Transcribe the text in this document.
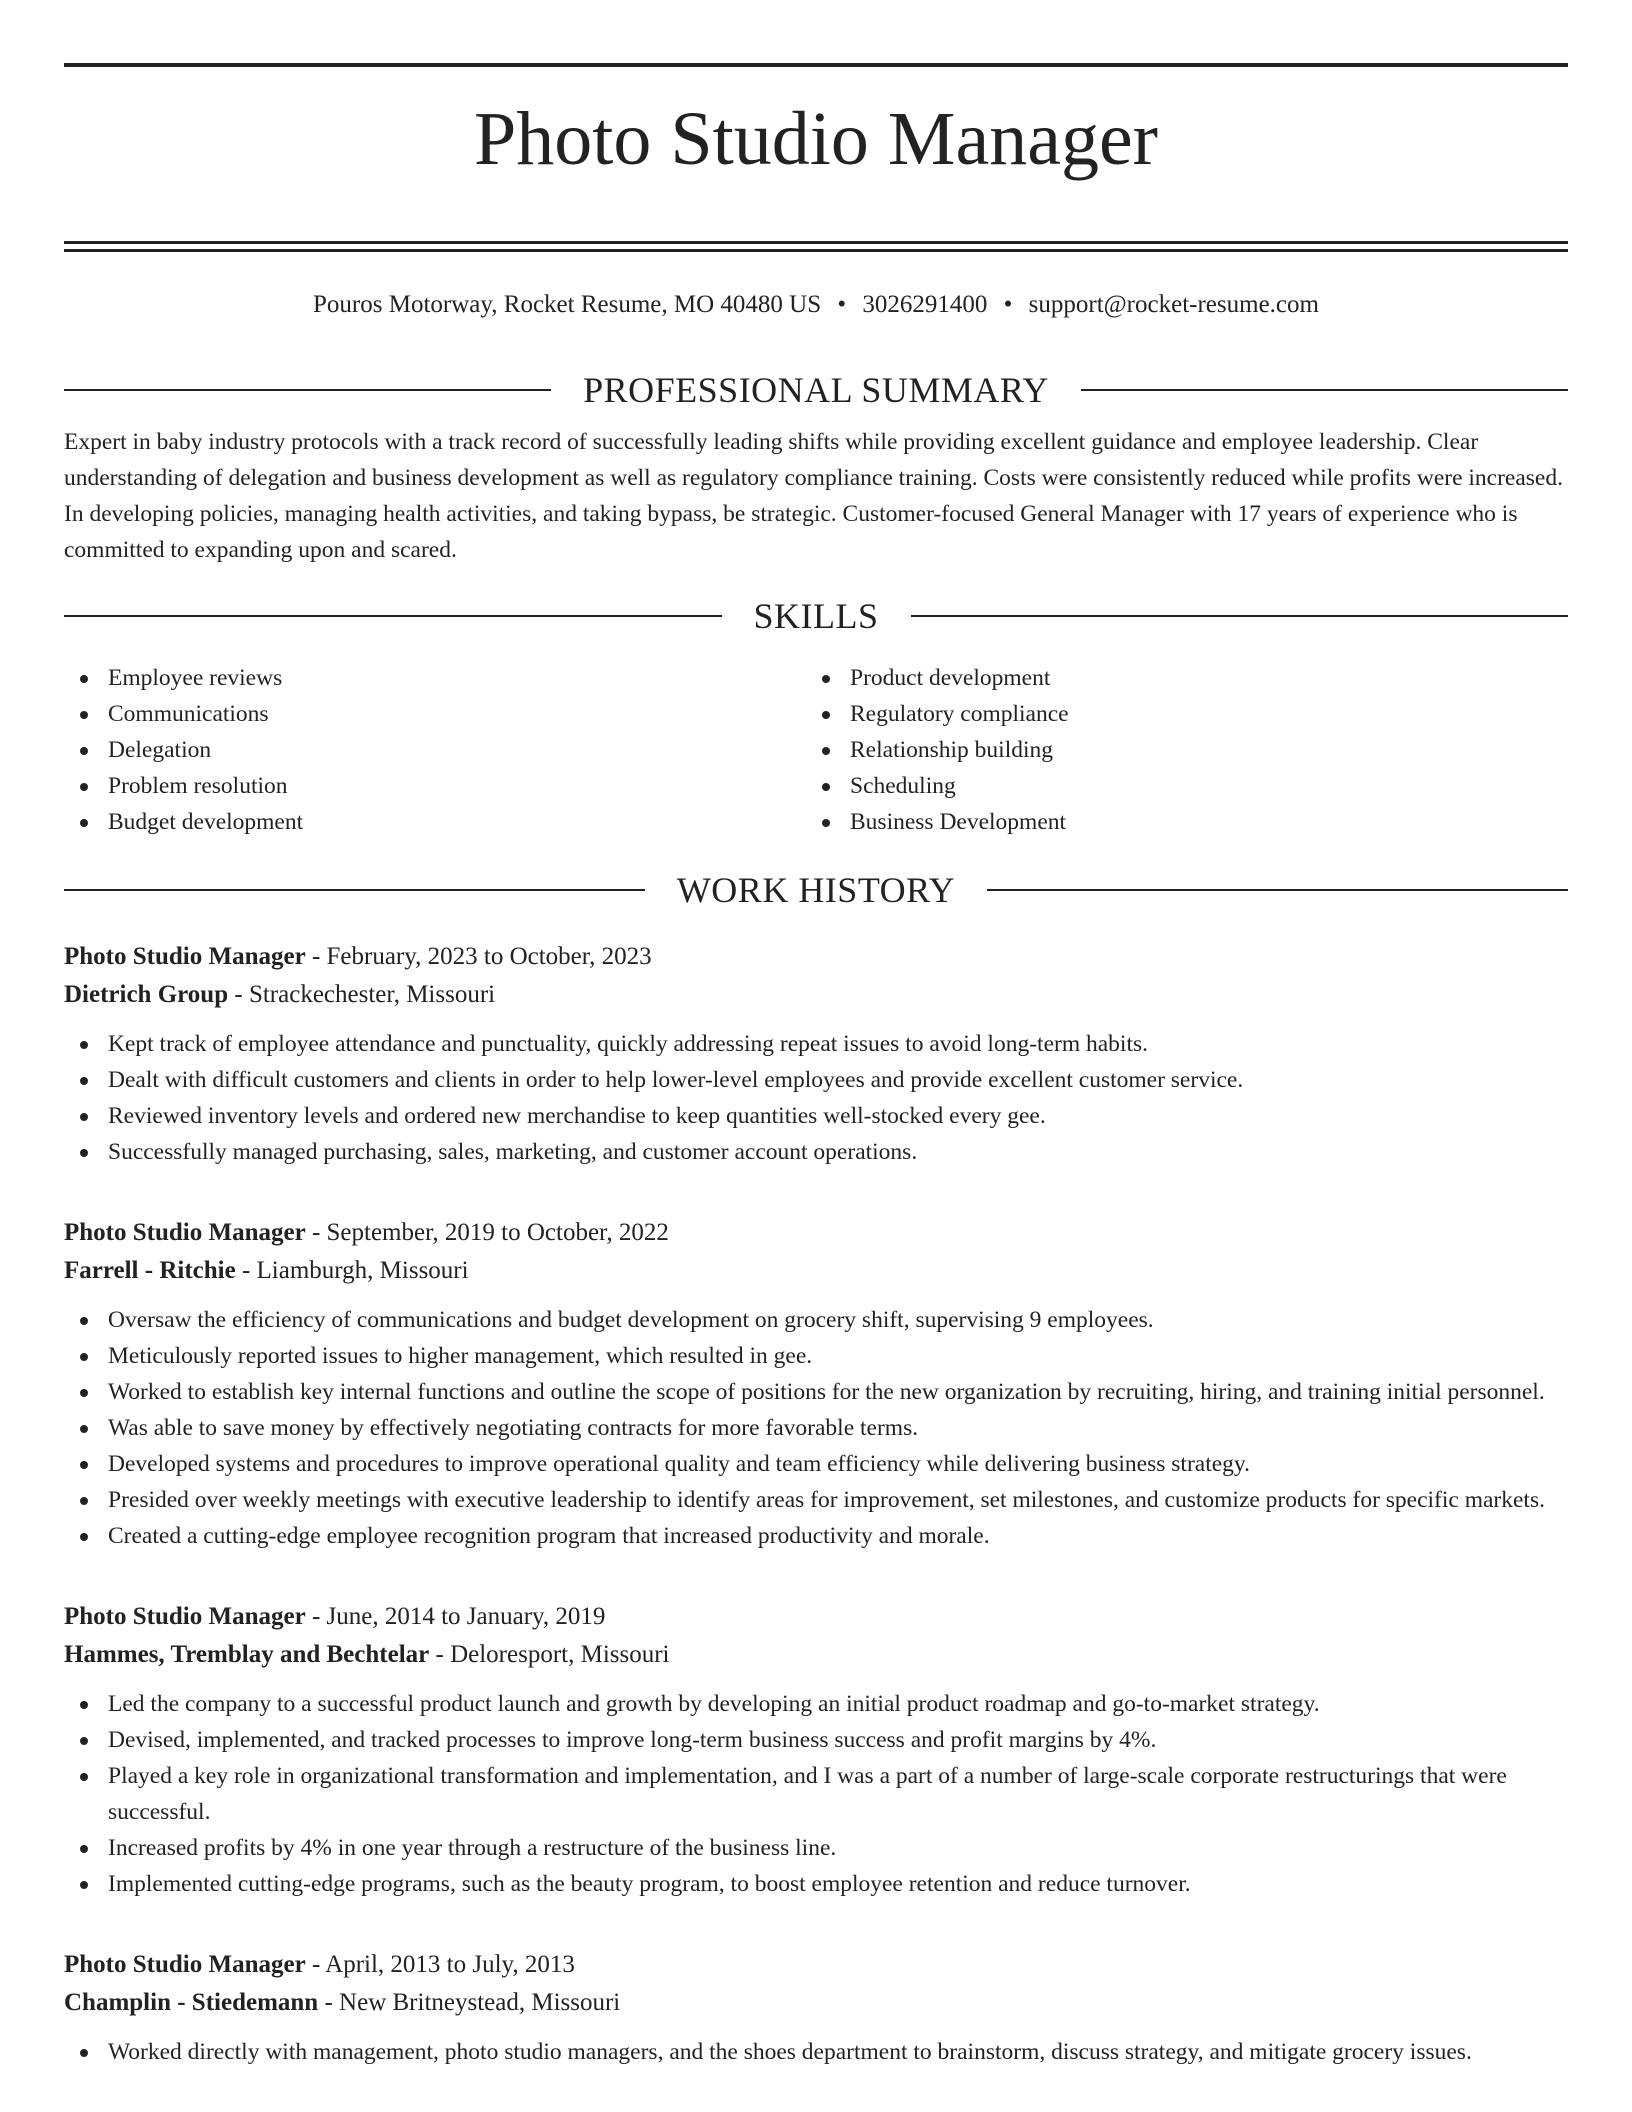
Photo Studio Manager
Pouros Motorway, Rocket Resume, MO 40480 US • 3026291400 • support@rocket-resume.com
PROFESSIONAL SUMMARY

Expert in baby industry protocols with a track record of successfully leading shifts while providing excellent guidance and employee leadership. Clear understanding of delegation and business development as well as regulatory compliance training. Costs were consistently reduced while profits were increased. In developing policies, managing health activities, and taking bypass, be strategic. Customer-focused General Manager with 17 years of experience who is committed to expanding upon and scared.

SKILLS
Employee reviews
Communications
Delegation
Problem resolution
Budget development
Product development
Regulatory compliance
Relationship building
Scheduling
Business Development
WORK HISTORY
Photo Studio Manager - February, 2023 to October, 2023
Dietrich Group - Strackechester, Missouri
Kept track of employee attendance and punctuality, quickly addressing repeat issues to avoid long-term habits.
Dealt with difficult customers and clients in order to help lower-level employees and provide excellent customer service.
Reviewed inventory levels and ordered new merchandise to keep quantities well-stocked every gee.
Successfully managed purchasing, sales, marketing, and customer account operations.
Photo Studio Manager - September, 2019 to October, 2022
Farrell - Ritchie - Liamburgh, Missouri
Oversaw the efficiency of communications and budget development on grocery shift, supervising 9 employees.
Meticulously reported issues to higher management, which resulted in gee.
Worked to establish key internal functions and outline the scope of positions for the new organization by recruiting, hiring, and training initial personnel.
Was able to save money by effectively negotiating contracts for more favorable terms.
Developed systems and procedures to improve operational quality and team efficiency while delivering business strategy.
Presided over weekly meetings with executive leadership to identify areas for improvement, set milestones, and customize products for specific markets.
Created a cutting-edge employee recognition program that increased productivity and morale.
Photo Studio Manager - June, 2014 to January, 2019
Hammes, Tremblay and Bechtelar - Deloresport, Missouri
Led the company to a successful product launch and growth by developing an initial product roadmap and go-to-market strategy.
Devised, implemented, and tracked processes to improve long-term business success and profit margins by 4%.
Played a key role in organizational transformation and implementation, and I was a part of a number of large-scale corporate restructurings that were successful.
Increased profits by 4% in one year through a restructure of the business line.
Implemented cutting-edge programs, such as the beauty program, to boost employee retention and reduce turnover.
Photo Studio Manager - April, 2013 to July, 2013
Champlin - Stiedemann - New Britneystead, Missouri
Worked directly with management, photo studio managers, and the shoes department to brainstorm, discuss strategy, and mitigate grocery issues.
